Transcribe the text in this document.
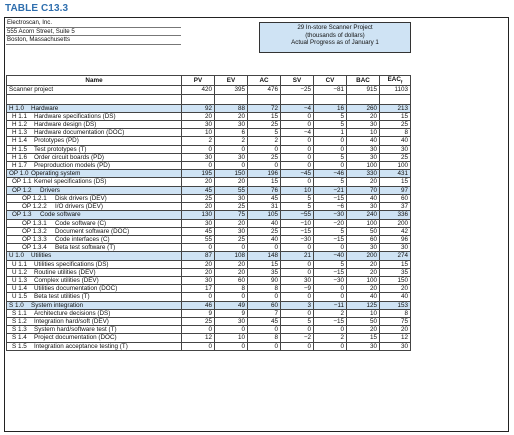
TABLE C13.3
Electroscan, Inc.
555 Acorn Street, Suite 5
Boston, Massachusetts
29 In-store Scanner Project
(thousands of dollars)
Actual Progress as of January 1
Name	PV	EV	AC	SV	CV	BAC	$EAC_f$
Scanner project	420	395	476	−25	−81	915	1103

H 1.0 Hardware	92	88	72	−4	16	260	213
H 1.1 Hardware specifications (DS)	20	20	15	0	5	20	15
H 1.2 Hardware design (DS)	30	30	25	0	5	30	25
H 1.3 Hardware documentation (DOC)	10	6	5	−4	1	10	8
H 1.4 Prototypes (PD)	2	2	2	0	0	40	40
H 1.5 Test prototypes (T)	0	0	0	0	0	30	30
H 1.6 Order circuit boards (PD)	30	30	25	0	5	30	25
H 1.7 Preproduction models (PD)	0	0	0	0	0	100	100
OP 1.0 Operating system	195	150	196	−45	−46	330	431
OP 1.1 Kernel specifications (DS)	20	20	15	0	5	20	15
OP 1.2 Drivers	45	55	76	10	−21	70	97
OP 1.2.1 Disk drivers (DEV)	25	30	45	5	−15	40	60
OP 1.2.2 I/O drivers (DEV)	20	25	31	5	−6	30	37
OP 1.3 Code software	130	75	105	−55	−30	240	336
OP 1.3.1 Code software (C)	30	20	40	−10	−20	100	200
OP 1.3.2 Document software (DOC)	45	30	25	−15	5	50	42
OP 1.3.3 Code interfaces (C)	55	25	40	−30	−15	60	96
OP 1.3.4 Beta test software (T)	0	0	0	0	0	30	30
U 1.0 Utilities	87	108	148	21	−40	200	274
U 1.1 Utilities specifications (DS)	20	20	15	0	5	20	15
U 1.2 Routine utilities (DEV)	20	20	35	0	−15	20	35
U 1.3 Complex utilities (DEV)	30	60	90	30	−30	100	150
U 1.4 Utilities documentation (DOC)	17	8	8	−9	0	20	20
U 1.5 Beta test utilities (T)	0	0	0	0	0	40	40
S 1.0 System integration	46	49	60	3	−11	125	153
S 1.1 Architecture decisions (DS)	9	9	7	0	2	10	8
S 1.2 Integration hard/soft (DEV)	25	30	45	5	−15	50	75
S 1.3 System hard/software test (T)	0	0	0	0	0	20	20
S 1.4 Project documentation (DOC)	12	10	8	−2	2	15	12
S 1.5 Integration acceptance testing (T)	0	0	0	0	0	30	30
